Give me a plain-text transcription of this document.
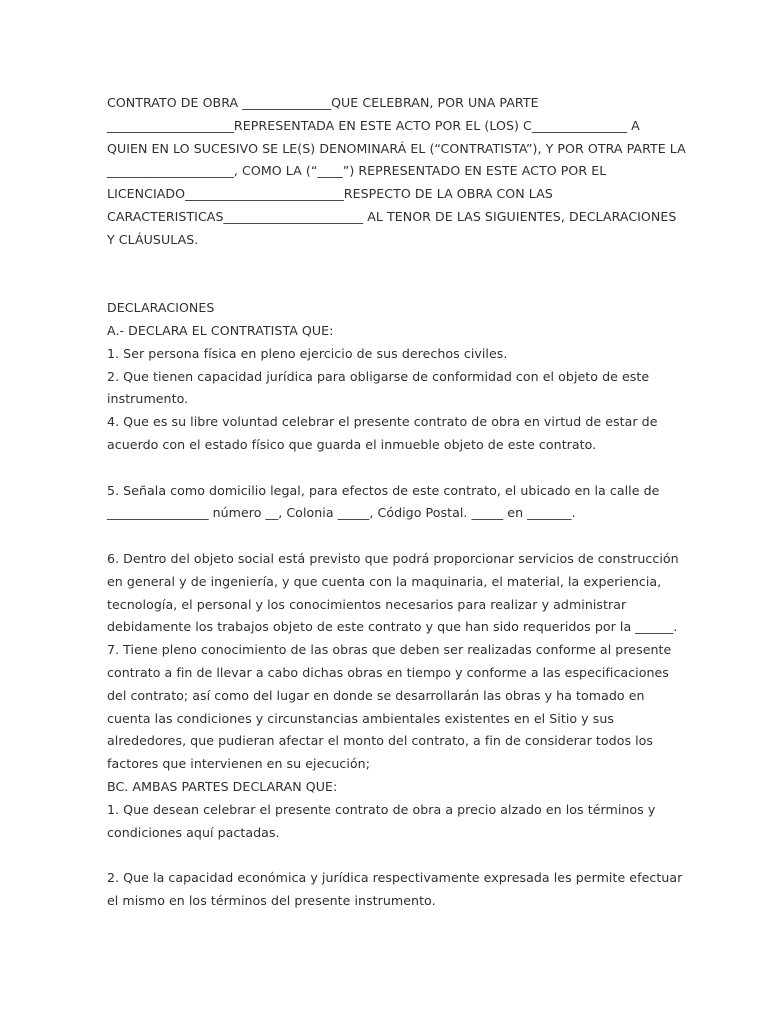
CONTRATO DE OBRA ______________QUE CELEBRAN, POR UNA PARTE
____________________REPRESENTADA EN ESTE ACTO POR EL (LOS) C_______________ A
QUIEN EN LO SUCESIVO SE LE(S) DENOMINARÁ EL (“CONTRATISTA”), Y POR OTRA PARTE LA
____________________, COMO LA (“____”) REPRESENTADO EN ESTE ACTO POR EL
LICENCIADO_________________________RESPECTO DE LA OBRA CON LAS
CARACTERISTICAS______________________ AL TENOR DE LAS SIGUIENTES, DECLARACIONES
Y CLÁUSULAS.
DECLARACIONES
A.- DECLARA EL CONTRATISTA QUE:
1. Ser persona física en pleno ejercicio de sus derechos civiles.
2. Que tienen capacidad jurídica para obligarse de conformidad con el objeto de este
instrumento.
4. Que es su libre voluntad celebrar el presente contrato de obra en virtud de estar de
acuerdo con el estado físico que guarda el inmueble objeto de este contrato.
5. Señala como domicilio legal, para efectos de este contrato, el ubicado en la calle de
________________ número __, Colonia _____, Código Postal. _____ en _______.
6. Dentro del objeto social está previsto que podrá proporcionar servicios de construcción
en general y de ingeniería, y que cuenta con la maquinaria, el material, la experiencia,
tecnología, el personal y los conocimientos necesarios para realizar y administrar
debidamente los trabajos objeto de este contrato y que han sido requeridos por la ______.
7. Tiene pleno conocimiento de las obras que deben ser realizadas conforme al presente
contrato a fin de llevar a cabo dichas obras en tiempo y conforme a las especificaciones
del contrato; así como del lugar en donde se desarrollarán las obras y ha tomado en
cuenta las condiciones y circunstancias ambientales existentes en el Sitio y sus
alrededores, que pudieran afectar el monto del contrato, a fin de considerar todos los
factores que intervienen en su ejecución;
BC. AMBAS PARTES DECLARAN QUE:
1. Que desean celebrar el presente contrato de obra a precio alzado en los términos y
condiciones aquí pactadas.
2. Que la capacidad económica y jurídica respectivamente expresada les permite efectuar
el mismo en los términos del presente instrumento.
